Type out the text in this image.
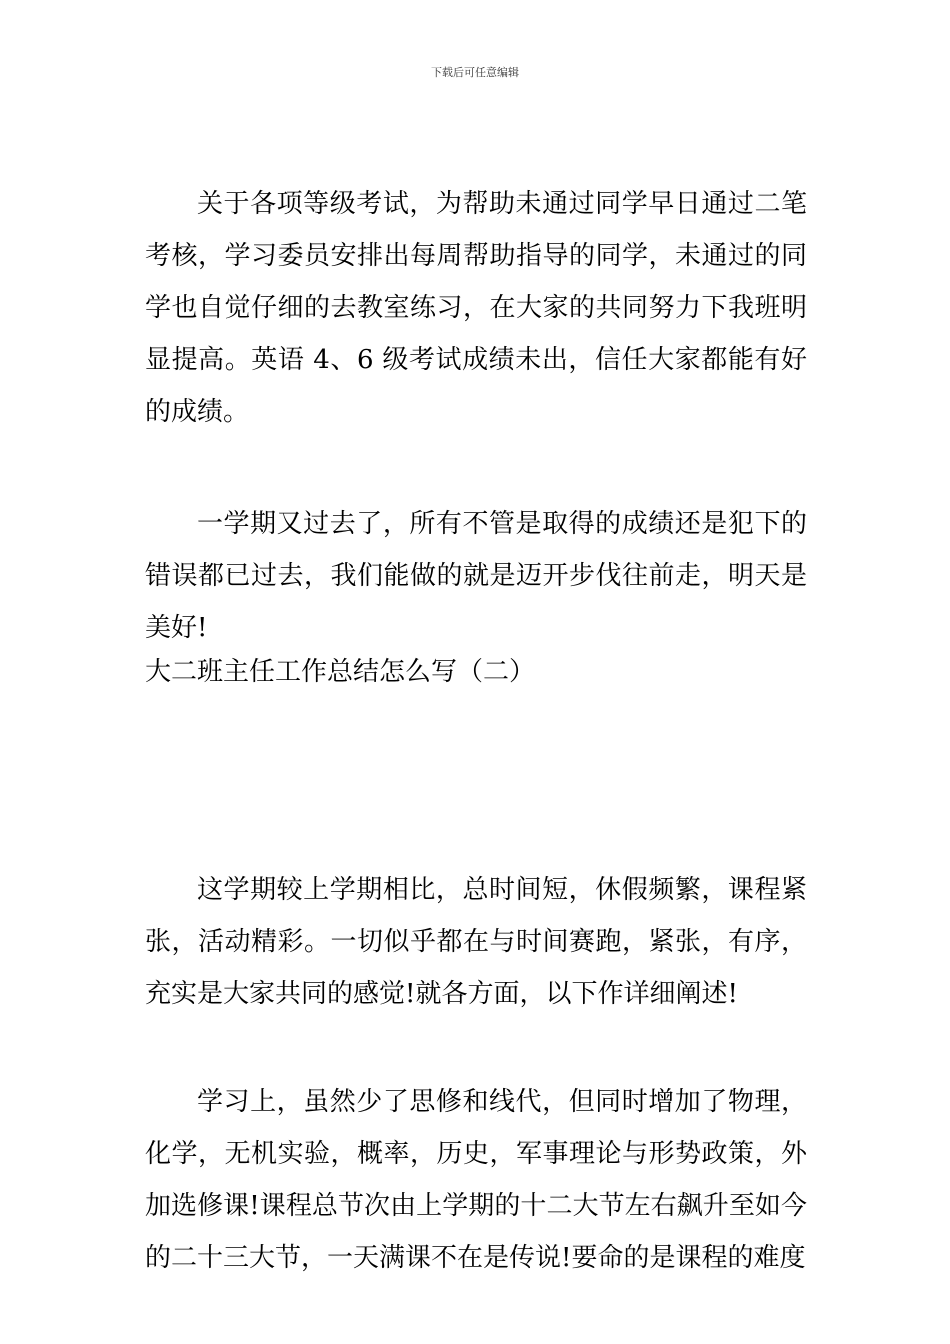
下载后可任意编辑

关于各项等级考试，为帮助未通过同学早日通过二笔考核，学习委员安排出每周帮助指导的同学，未通过的同学也自觉仔细的去教室练习，在大家的共同努力下我班明显提高。英语 4、6 级考试成绩未出，信任大家都能有好的成绩。

一学期又过去了，所有不管是取得的成绩还是犯下的错误都已过去，我们能做的就是迈开步伐往前走，明天是美好!

大二班主任工作总结怎么写（二）

这学期较上学期相比，总时间短，休假频繁，课程紧张，活动精彩。一切似乎都在与时间赛跑，紧张，有序，充实是大家共同的感觉!就各方面，以下作详细阐述!

学习上，虽然少了思修和线代，但同时增加了物理，化学，无机实验，概率，历史，军事理论与形势政策，外加选修课!课程总节次由上学期的十二大节左右飙升至如今的二十三大节，一天满课不在是传说!要命的是课程的难度
